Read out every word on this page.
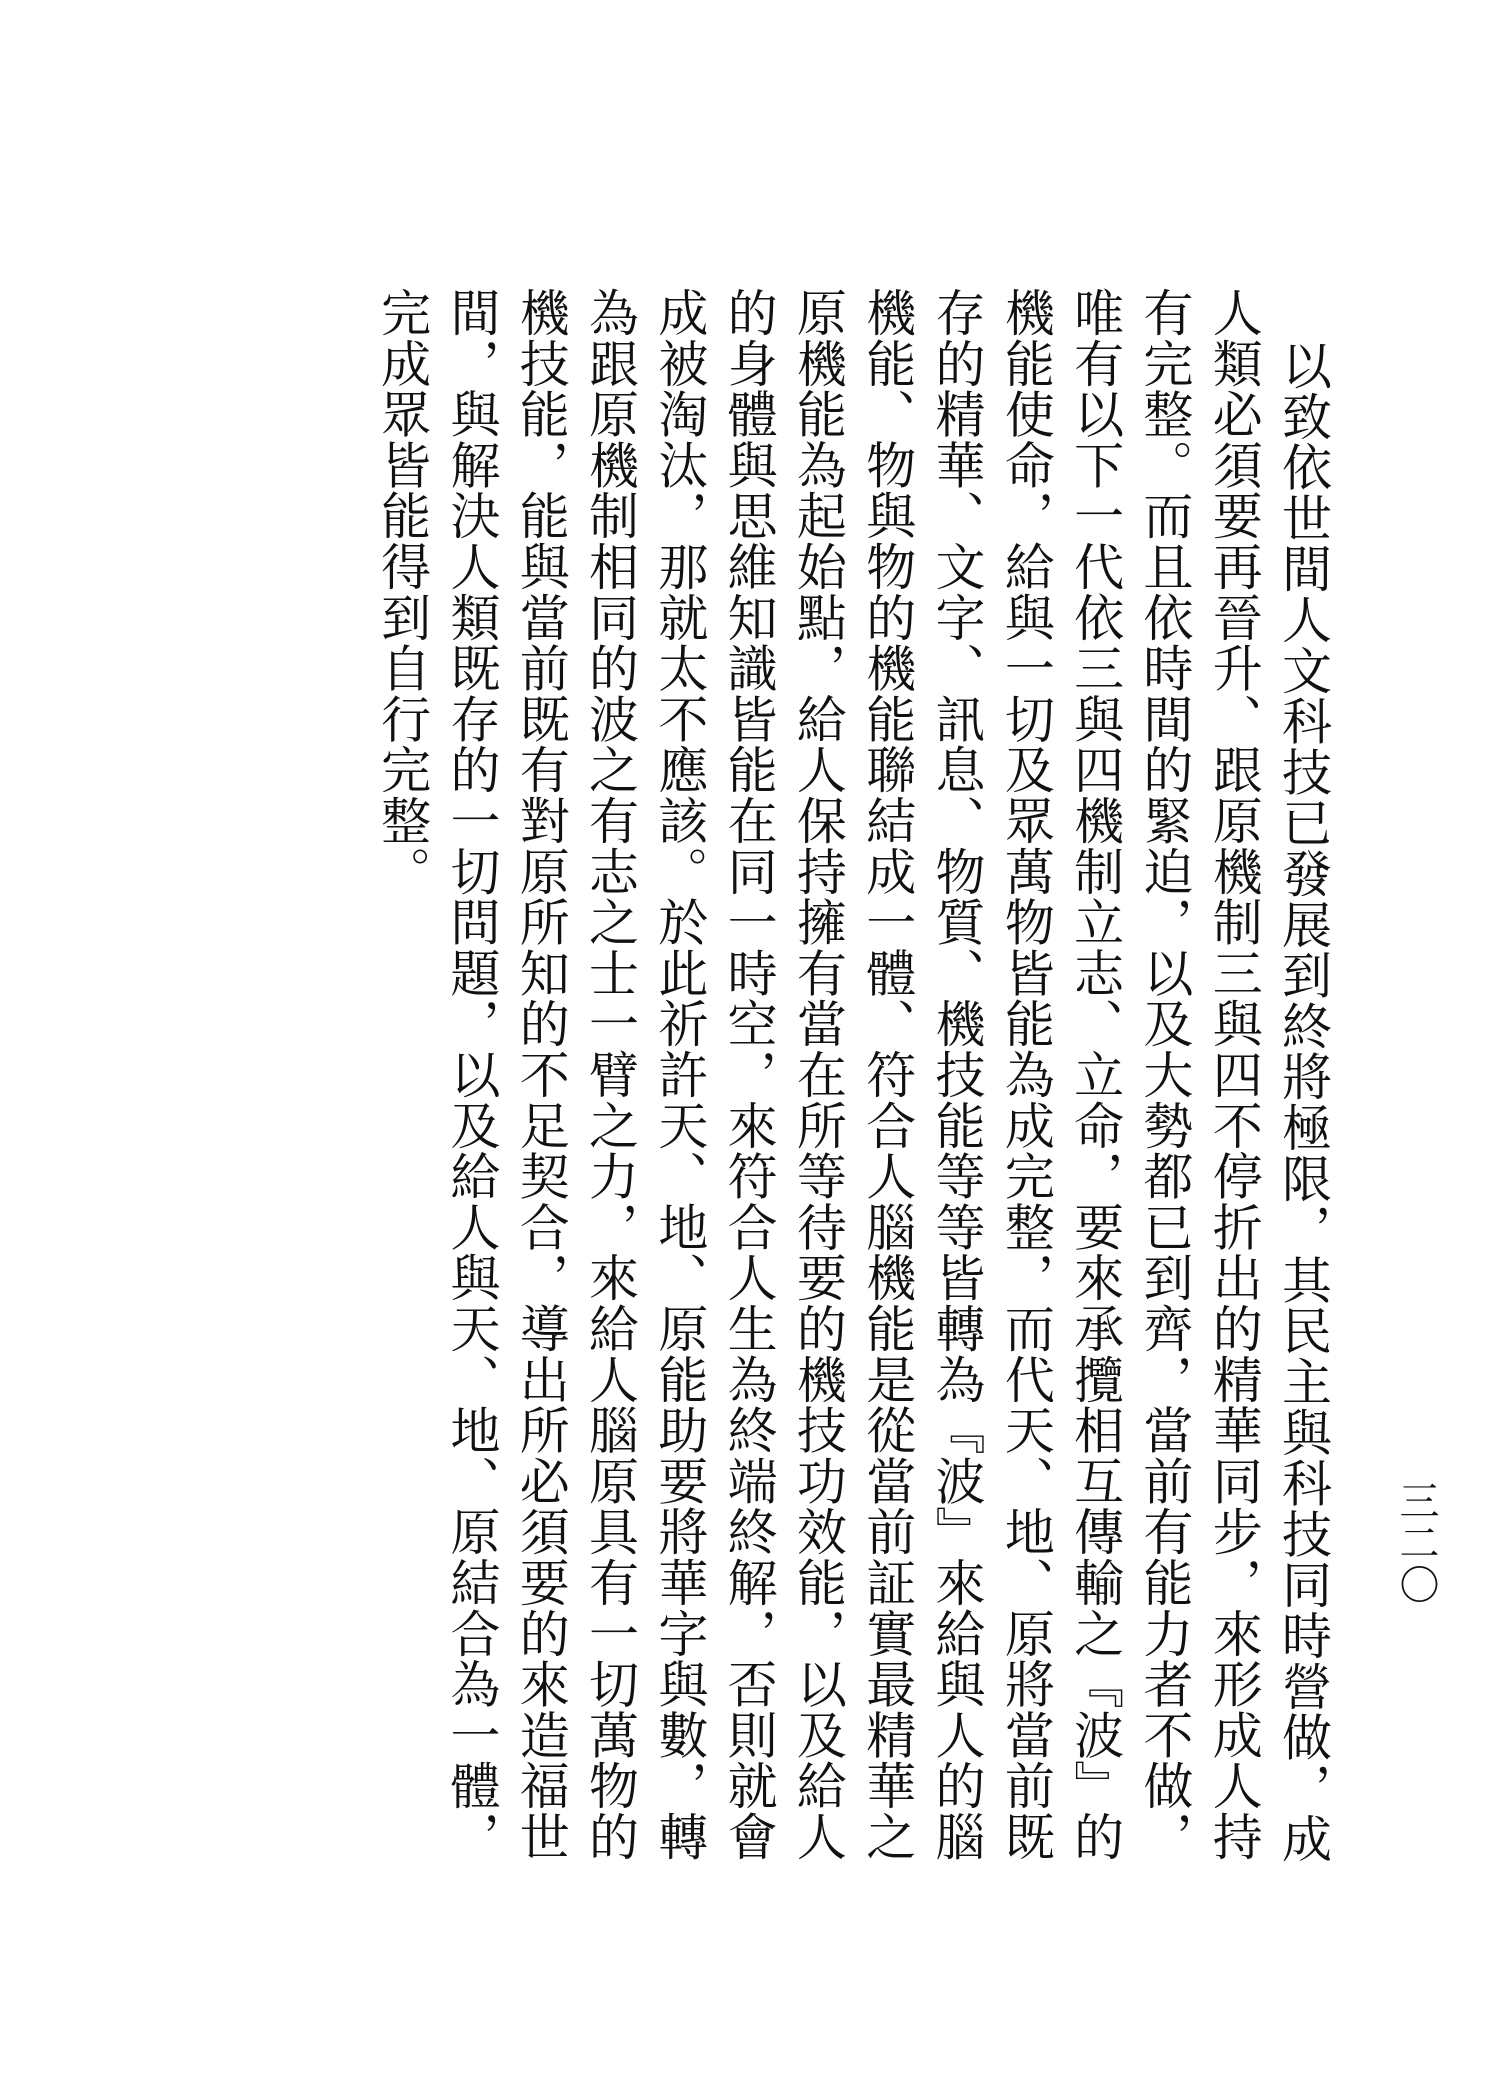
以致依世間人文科技已發展到終將極限，其民主與科技同時營做，成人類必須要再晉升、跟原機制三與四不停折出的精華同步，來形成人持有完整。而且依時間的緊迫，以及大勢都已到齊，當前有能力者不做，唯有以下一代依三與四機制立志、立命，要來承攬相互傳輸之『波』的機能使命，給與一切及眾萬物皆能為成完整，而代天、地、原將當前既存的精華、文字、訊息、物質、機技能等等皆轉為『波』來給與人的腦機能、物與物的機能聯結成一體、符合人腦機能是從當前証實最精華之原機能為起始點，給人保持擁有當在所等待要的機技功效能，以及給人的身體與思維知識皆能在同一時空，來符合人生為終端終解，否則就會成被淘汰，那就太不應該。於此祈許天、地、原能助要將華字與數，轉為跟原機制相同的波之有志之士一臂之力，來給人腦原具有一切萬物的機技能，能與當前既有對原所知的不足契合，導出所必須要的來造福世間，與解決人類既存的一切問題，以及給人與天、地、原結合為一體，完成眾皆能得到自行完整。

三二〇
